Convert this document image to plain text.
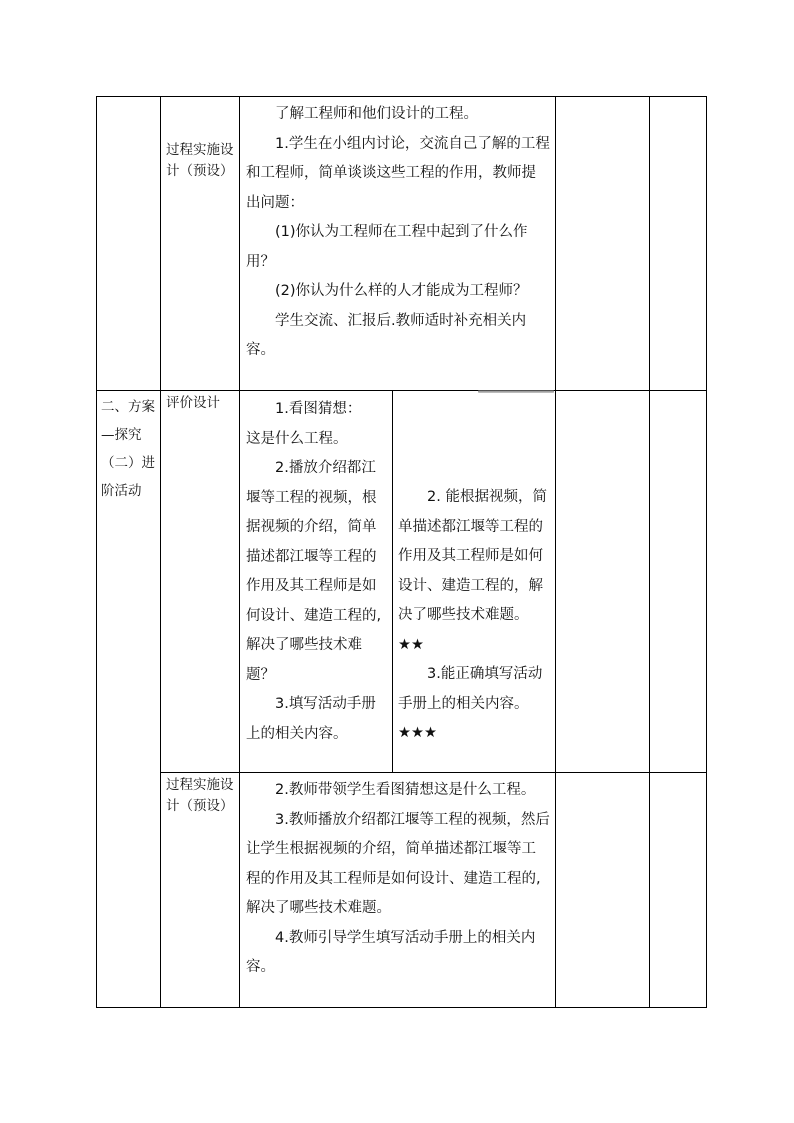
过程实施设计（预设）

了解工程师和他们设计的工程。

1.学生在小组内讨论，交流自己了解的工程和工程师，简单谈谈这些工程的作用，教师提出问题：

(1)你认为工程师在工程中起到了什么作用？

(2)你认为什么样的人才能成为工程师？

学生交流、汇报后.教师适时补充相关内容。

二、方案
—探究
（二）进
阶活动
评价设计	1.看图猜想：

这是什么工程。

2.播放介绍都江堰等工程的视频，根据视频的介绍，简单描述都江堰等工程的作用及其工程师是如何设计、建造工程的,解决了哪些技术难题？

3.填写活动手册上的相关内容。

2. 能根据视频，简单描述都江堰等工程的作用及其工程师是如何设计、建造工程的，解决了哪些技术难题。★★

3.能正确填写活动手册上的相关内容。★★★

过程实施设计（预设）

2.教师带领学生看图猜想这是什么工程。

3.教师播放介绍都江堰等工程的视频，然后让学生根据视频的介绍，简单描述都江堰等工程的作用及其工程师是如何设计、建造工程的,解决了哪些技术难题。

4.教师引导学生填写活动手册上的相关内容。
